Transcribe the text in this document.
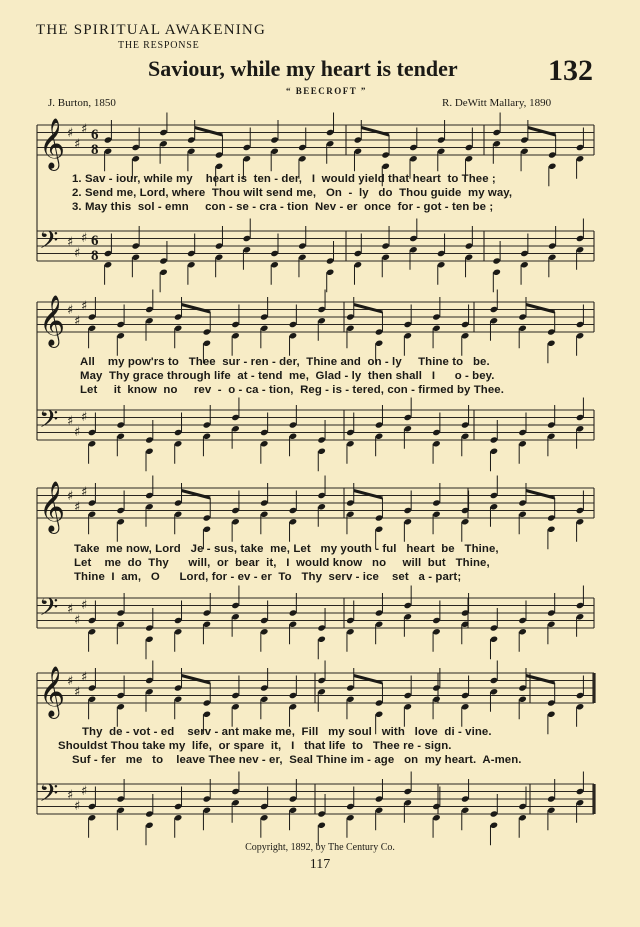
THE SPIRITUAL AWAKENING
THE RESPONSE
Saviour, while my heart is tender	132
“ BEECROFT ”
J. Burton, 1850	R. DeWitt Mallary, 1890
𝄞 ♯
♯
♯ 6
8
𝄢 ♯
♯
♯ 6
8
𝄞 ♯
♯
♯
𝄢 ♯
♯
♯
𝄞 ♯
♯
♯
𝄢 ♯
♯
♯
𝄞 ♯
♯
♯
𝄢 ♯
♯
♯
1. Sav - iour, while my    heart is  ten - der,   I  would yield that heart  to Thee ;
2. Send me, Lord, where  Thou wilt send me,   On  -  ly   do  Thou guide  my way,
3. May this  sol - emn     con - se - cra - tion  Nev - er  once  for - got - ten be ;
All    my pow'rs to   Thee  sur - ren - der,  Thine and  on - ly     Thine to   be.
May  Thy grace through life  at - tend  me,  Glad - ly  then shall   I      o - bey.
Let     it  know  no     rev  -  o - ca - tion,  Reg - is - tered, con - firmed by Thee.
Take  me now, Lord   Je - sus, take  me, Let   my youth - ful   heart  be   Thine,
Let    me  do  Thy      will,  or  bear  it,   I  would know   no     will  but   Thine,
Thine  I  am,   O      Lord, for - ev - er  To   Thy  serv - ice    set   a - part;
Thy  de - vot - ed    serv - ant make me,  Fill   my soul   with   love  di - vine.
Shouldst Thou take my  life,  or spare  it,   I   that life  to   Thee re - sign.
Suf - fer   me   to    leave Thee nev - er,  Seal Thine im - age   on  my heart.  A-men.
Copyright, 1892, by The Century Co.
117
